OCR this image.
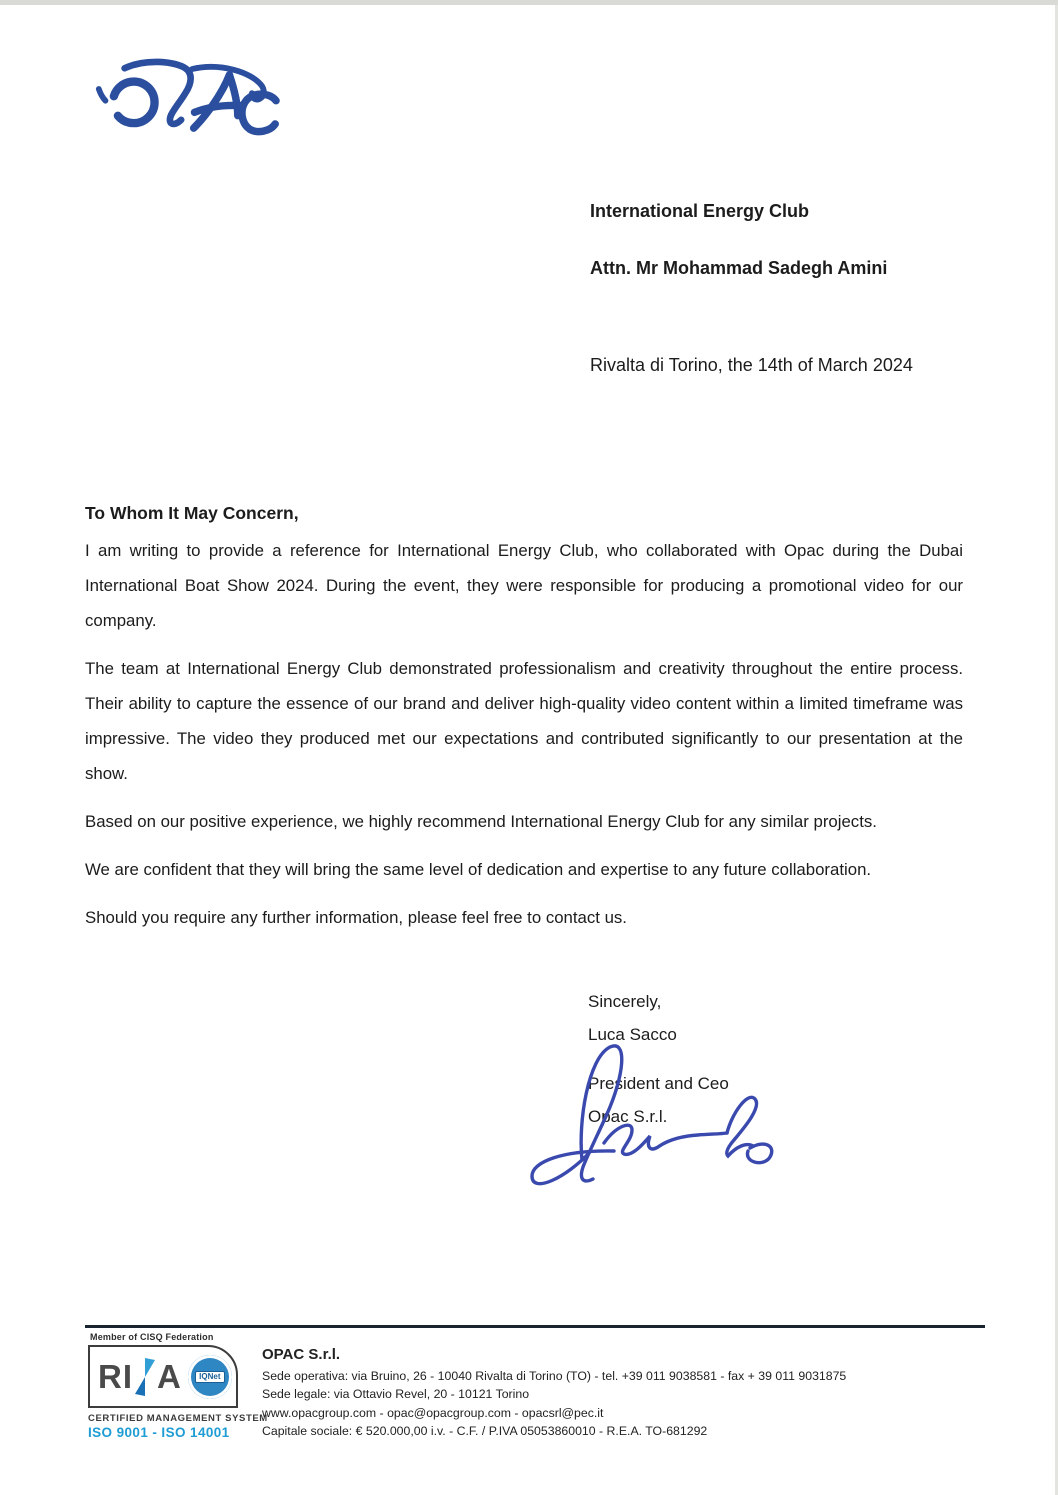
OPAC
International Energy Club
Attn. Mr Mohammad Sadegh Amini
Rivalta di Torino, the 14th of March 2024
To Whom It May Concern,

I am writing to provide a reference for International Energy Club, who collaborated with Opac during the Dubai International Boat Show 2024. During the event, they were responsible for producing a promotional video for our company.

The team at International Energy Club demonstrated professionalism and creativity throughout the entire process. Their ability to capture the essence of our brand and deliver high-quality video content within a limited timeframe was impressive. The video they produced met our expectations and contributed significantly to our presentation at the show.

Based on our positive experience, we highly recommend International Energy Club for any similar projects.

We are confident that they will bring the same level of dedication and expertise to any future collaboration.

Should you require any further information, please feel free to contact us.

Sincerely,
Luca Sacco
President and Ceo
Opac S.r.l.
Member of CISQ Federation
RI A	IQNet
CERTIFIED MANAGEMENT SYSTEM
ISO 9001 - ISO 14001
OPAC S.r.l.
Sede operativa: via Bruino, 26 - 10040 Rivalta di Torino (TO) - tel. +39 011 9038581 - fax + 39 011 9031875
Sede legale: via Ottavio Revel, 20 - 10121 Torino
www.opacgroup.com - opac@opacgroup.com - opacsrl@pec.it
Capitale sociale: € 520.000,00 i.v. - C.F. / P.IVA 05053860010 - R.E.A. TO-681292
